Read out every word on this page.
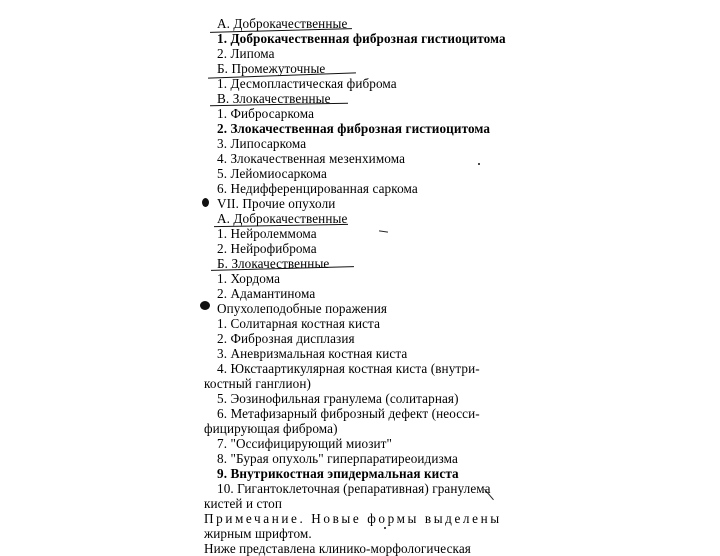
А. Доброкачественные
1. Доброкачественная фиброзная гистиоцитома
2. Липома
Б. Промежуточные
1. Десмопластическая фиброма
В. Злокачественные
1. Фибросаркома
2. Злокачественная фиброзная гистиоцитома
3. Липосаркома
4. Злокачественная мезенхимома
5. Лейомиосаркома
6. Недифференцированная саркома
VII. Прочие опухоли
А. Доброкачественные
1. Нейролеммома
2. Нейрофиброма
Б. Злокачественные
1. Хордома
2. Адамантинома
Опухолеподобные поражения
1. Солитарная костная киста
2. Фиброзная дисплазия
3. Аневризмальная костная киста
4. Юкстаартикулярная костная киста (внутри-
костный ганглион)
5. Эозинофильная гранулема (солитарная)
6. Метафизарный фиброзный дефект (неосси-
фицирующая фиброма)
7. "Оссифицирующий миозит"
8. "Бурая опухоль" гиперпаратиреоидизма
9. Внутрикостная эпидермальная киста
10. Гигантоклеточная (репаративная) гранулема
кистей и стоп
Примечание. Новые формы выделены
жирным шрифтом.
Ниже представлена клинико-морфологическая
